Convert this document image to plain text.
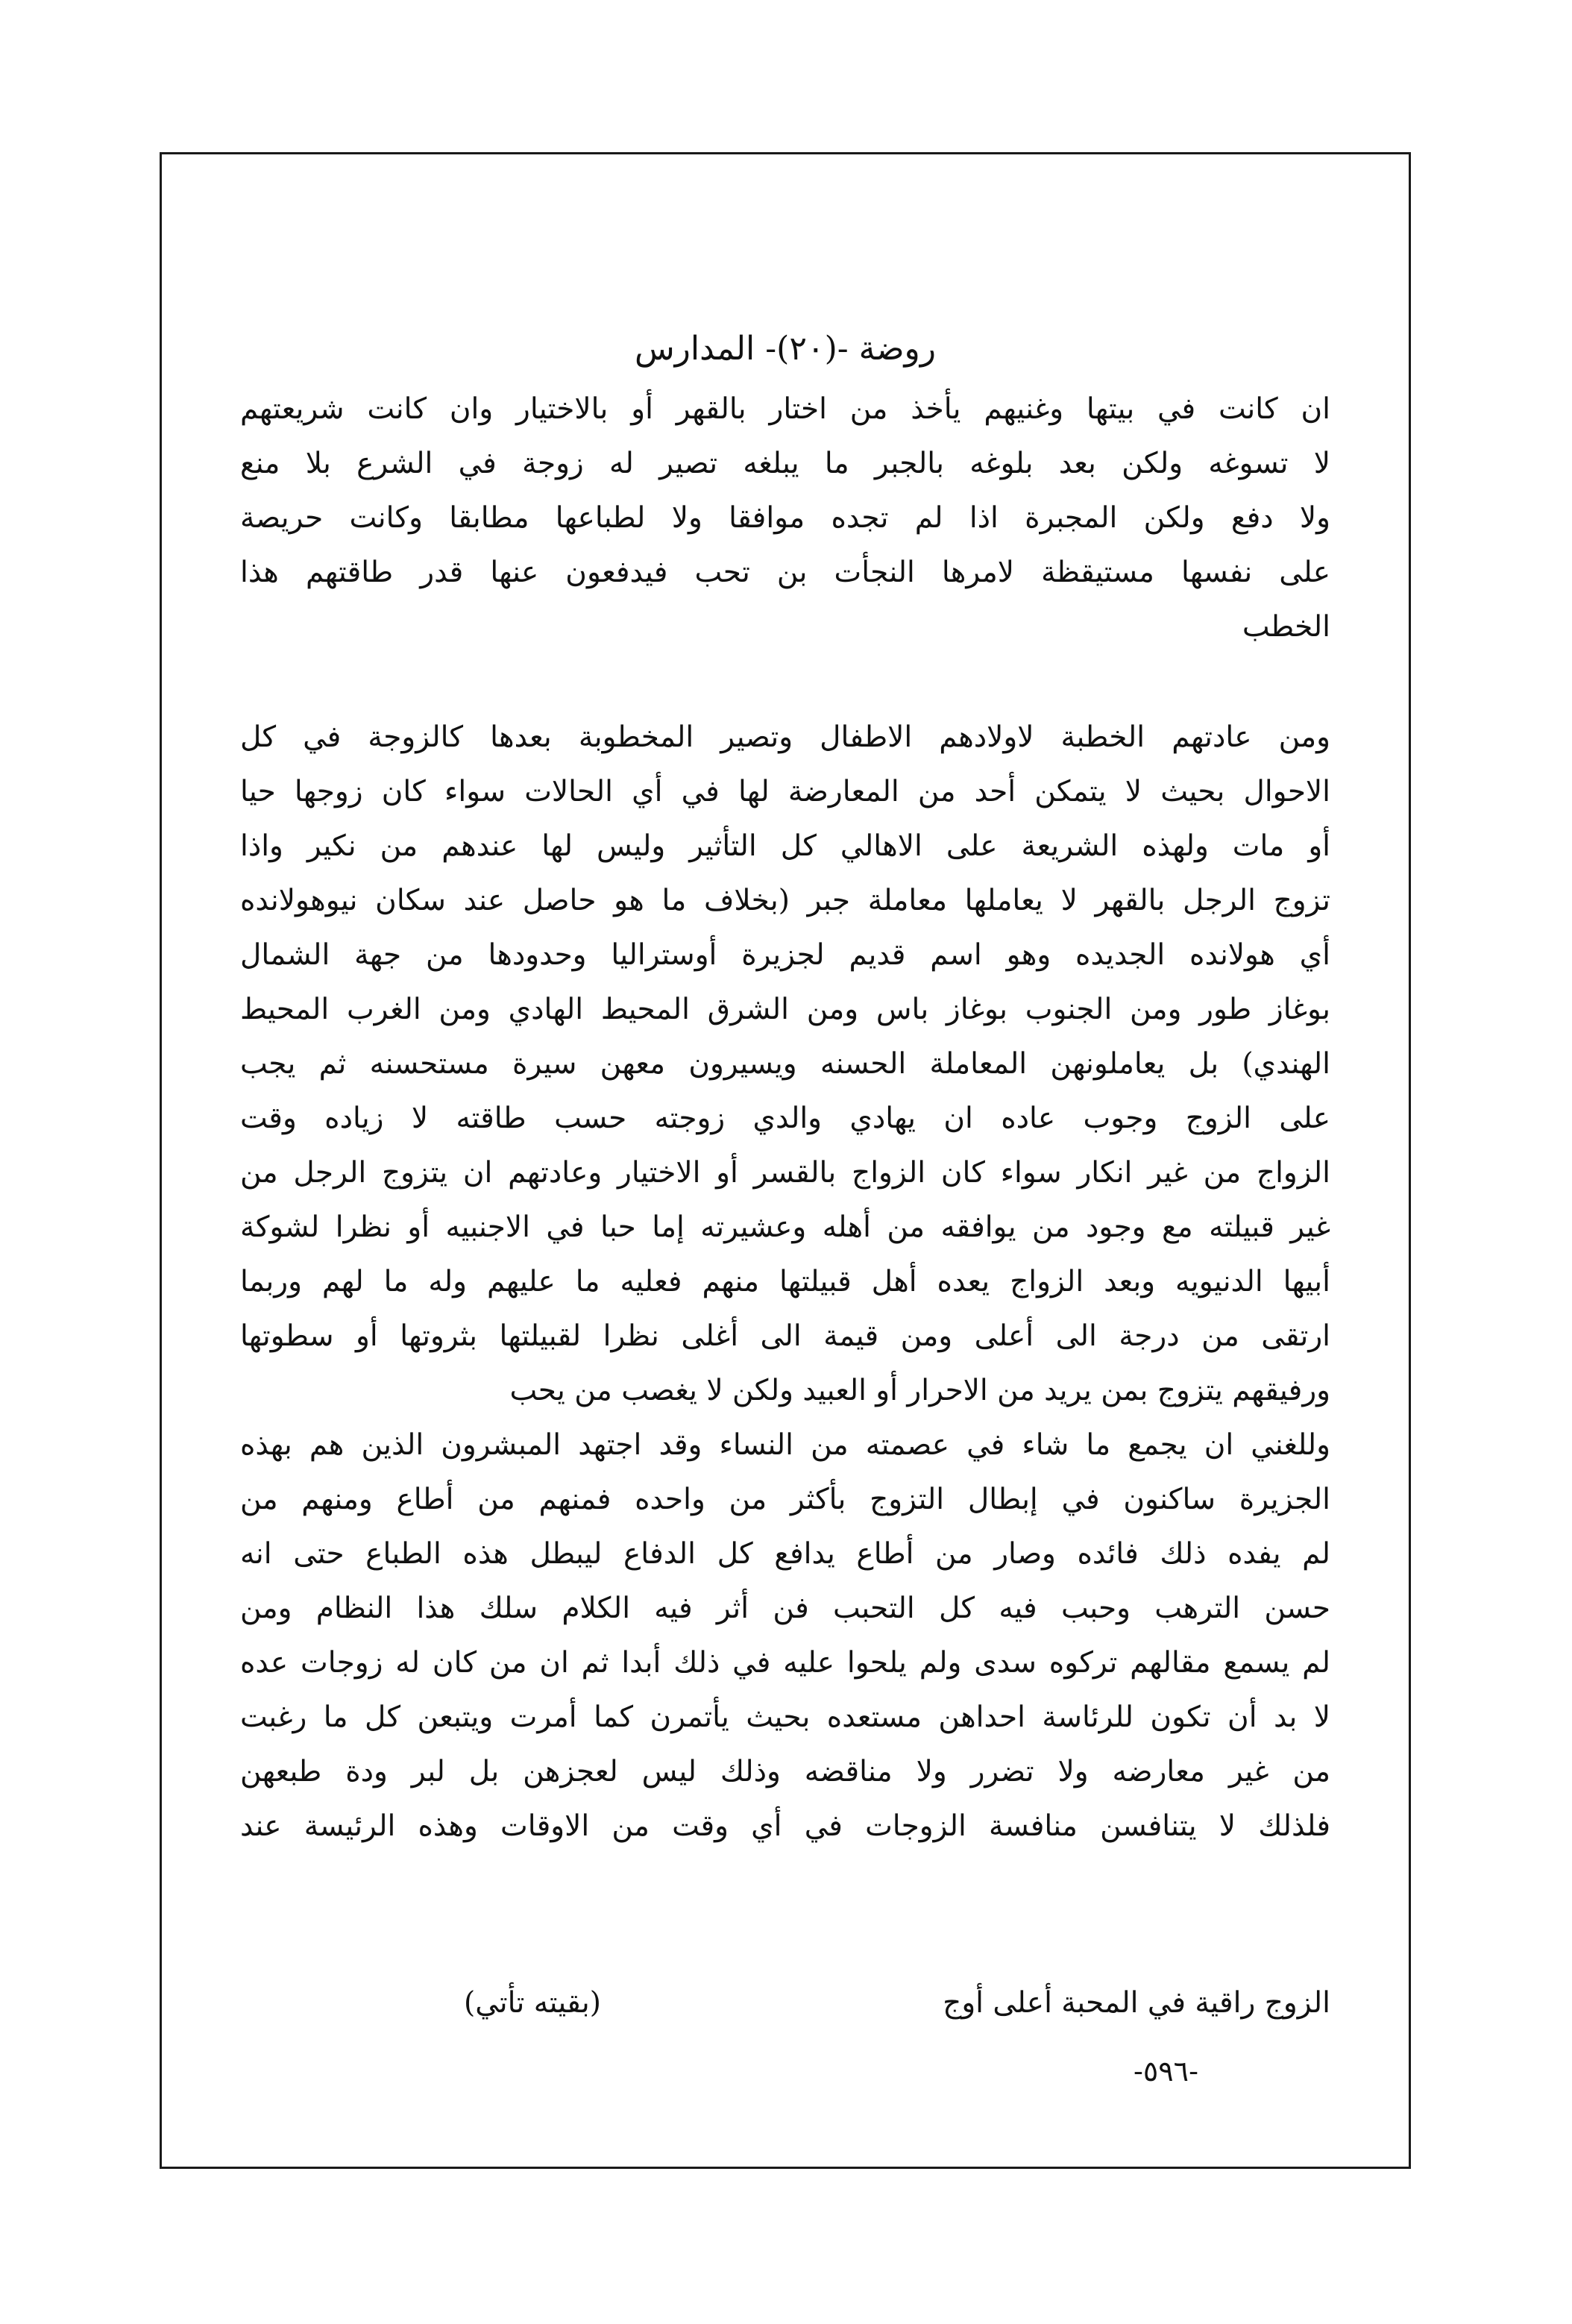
روضة -(٢٠)- المدارس
ان كانت في بيتها وغنيهم يأخذ من اختار بالقهر أو بالاختيار وان كانت شريعتهم
لا تسوغه ولكن بعد بلوغه بالجبر ما يبلغه تصير له زوجة في الشرع بلا منع
ولا دفع ولكن المجبرة اذا لم تجده موافقا ولا لطباعها مطابقا وكانت حريصة
على نفسها مستيقظة لامرها النجأت بن تحب فيدفعون عنها قدر طاقتهم هذا
الخطب
ومن عادتهم الخطبة لاولادهم الاطفال وتصير المخطوبة بعدها كالزوجة في كل
الاحوال بحيث لا يتمكن أحد من المعارضة لها في أي الحالات سواء كان زوجها حيا
أو مات ولهذه الشريعة على الاهالي كل التأثير وليس لها عندهم من نكير واذا
تزوج الرجل بالقهر لا يعاملها معاملة جبر (بخلاف ما هو حاصل عند سكان نيوهولانده
أي هولانده الجديده وهو اسم قديم لجزيرة أوستراليا وحدودها من جهة الشمال
بوغاز طور ومن الجنوب بوغاز باس ومن الشرق المحيط الهادي ومن الغرب المحيط
الهندي) بل يعاملونهن المعاملة الحسنه ويسيرون معهن سيرة مستحسنه ثم يجب
على الزوج وجوب عاده ان يهادي والدي زوجته حسب طاقته لا زياده وقت
الزواج من غير انكار سواء كان الزواج بالقسر أو الاختيار وعادتهم ان يتزوج الرجل من
غير قبيلته مع وجود من يوافقه من أهله وعشيرته إما حبا في الاجنبيه أو نظرا لشوكة
أبيها الدنيويه وبعد الزواج يعده أهل قبيلتها منهم فعليه ما عليهم وله ما لهم وربما
ارتقى من درجة الى أعلى ومن قيمة الى أغلى نظرا لقبيلتها بثروتها أو سطوتها
ورفيقهم يتزوج بمن يريد من الاحرار أو العبيد ولكن لا يغصب من يحب
وللغني ان يجمع ما شاء في عصمته من النساء وقد اجتهد المبشرون الذين هم بهذه
الجزيرة ساكنون في إبطال التزوج بأكثر من واحده فمنهم من أطاع ومنهم من
لم يفده ذلك فائده وصار من أطاع يدافع كل الدفاع ليبطل هذه الطباع حتى انه
حسن الترهب وحبب فيه كل التحبب فن أثر فيه الكلام سلك هذا النظام ومن
لم يسمع مقالهم تركوه سدى ولم يلحوا عليه في ذلك أبدا ثم ان من كان له زوجات عده
لا بد أن تكون للرئاسة احداهن مستعده بحيث يأتمرن كما أمرت ويتبعن كل ما رغبت
من غير معارضه ولا تضرر ولا مناقضه وذلك ليس لعجزهن بل لبر ودة طبعهن
فلذلك لا يتنافسن منافسة الزوجات في أي وقت من الاوقات وهذه الرئيسة عند
الزوج راقية في المحبة أعلى أوج
(بقيته تأتي)
-٥٩٦-
